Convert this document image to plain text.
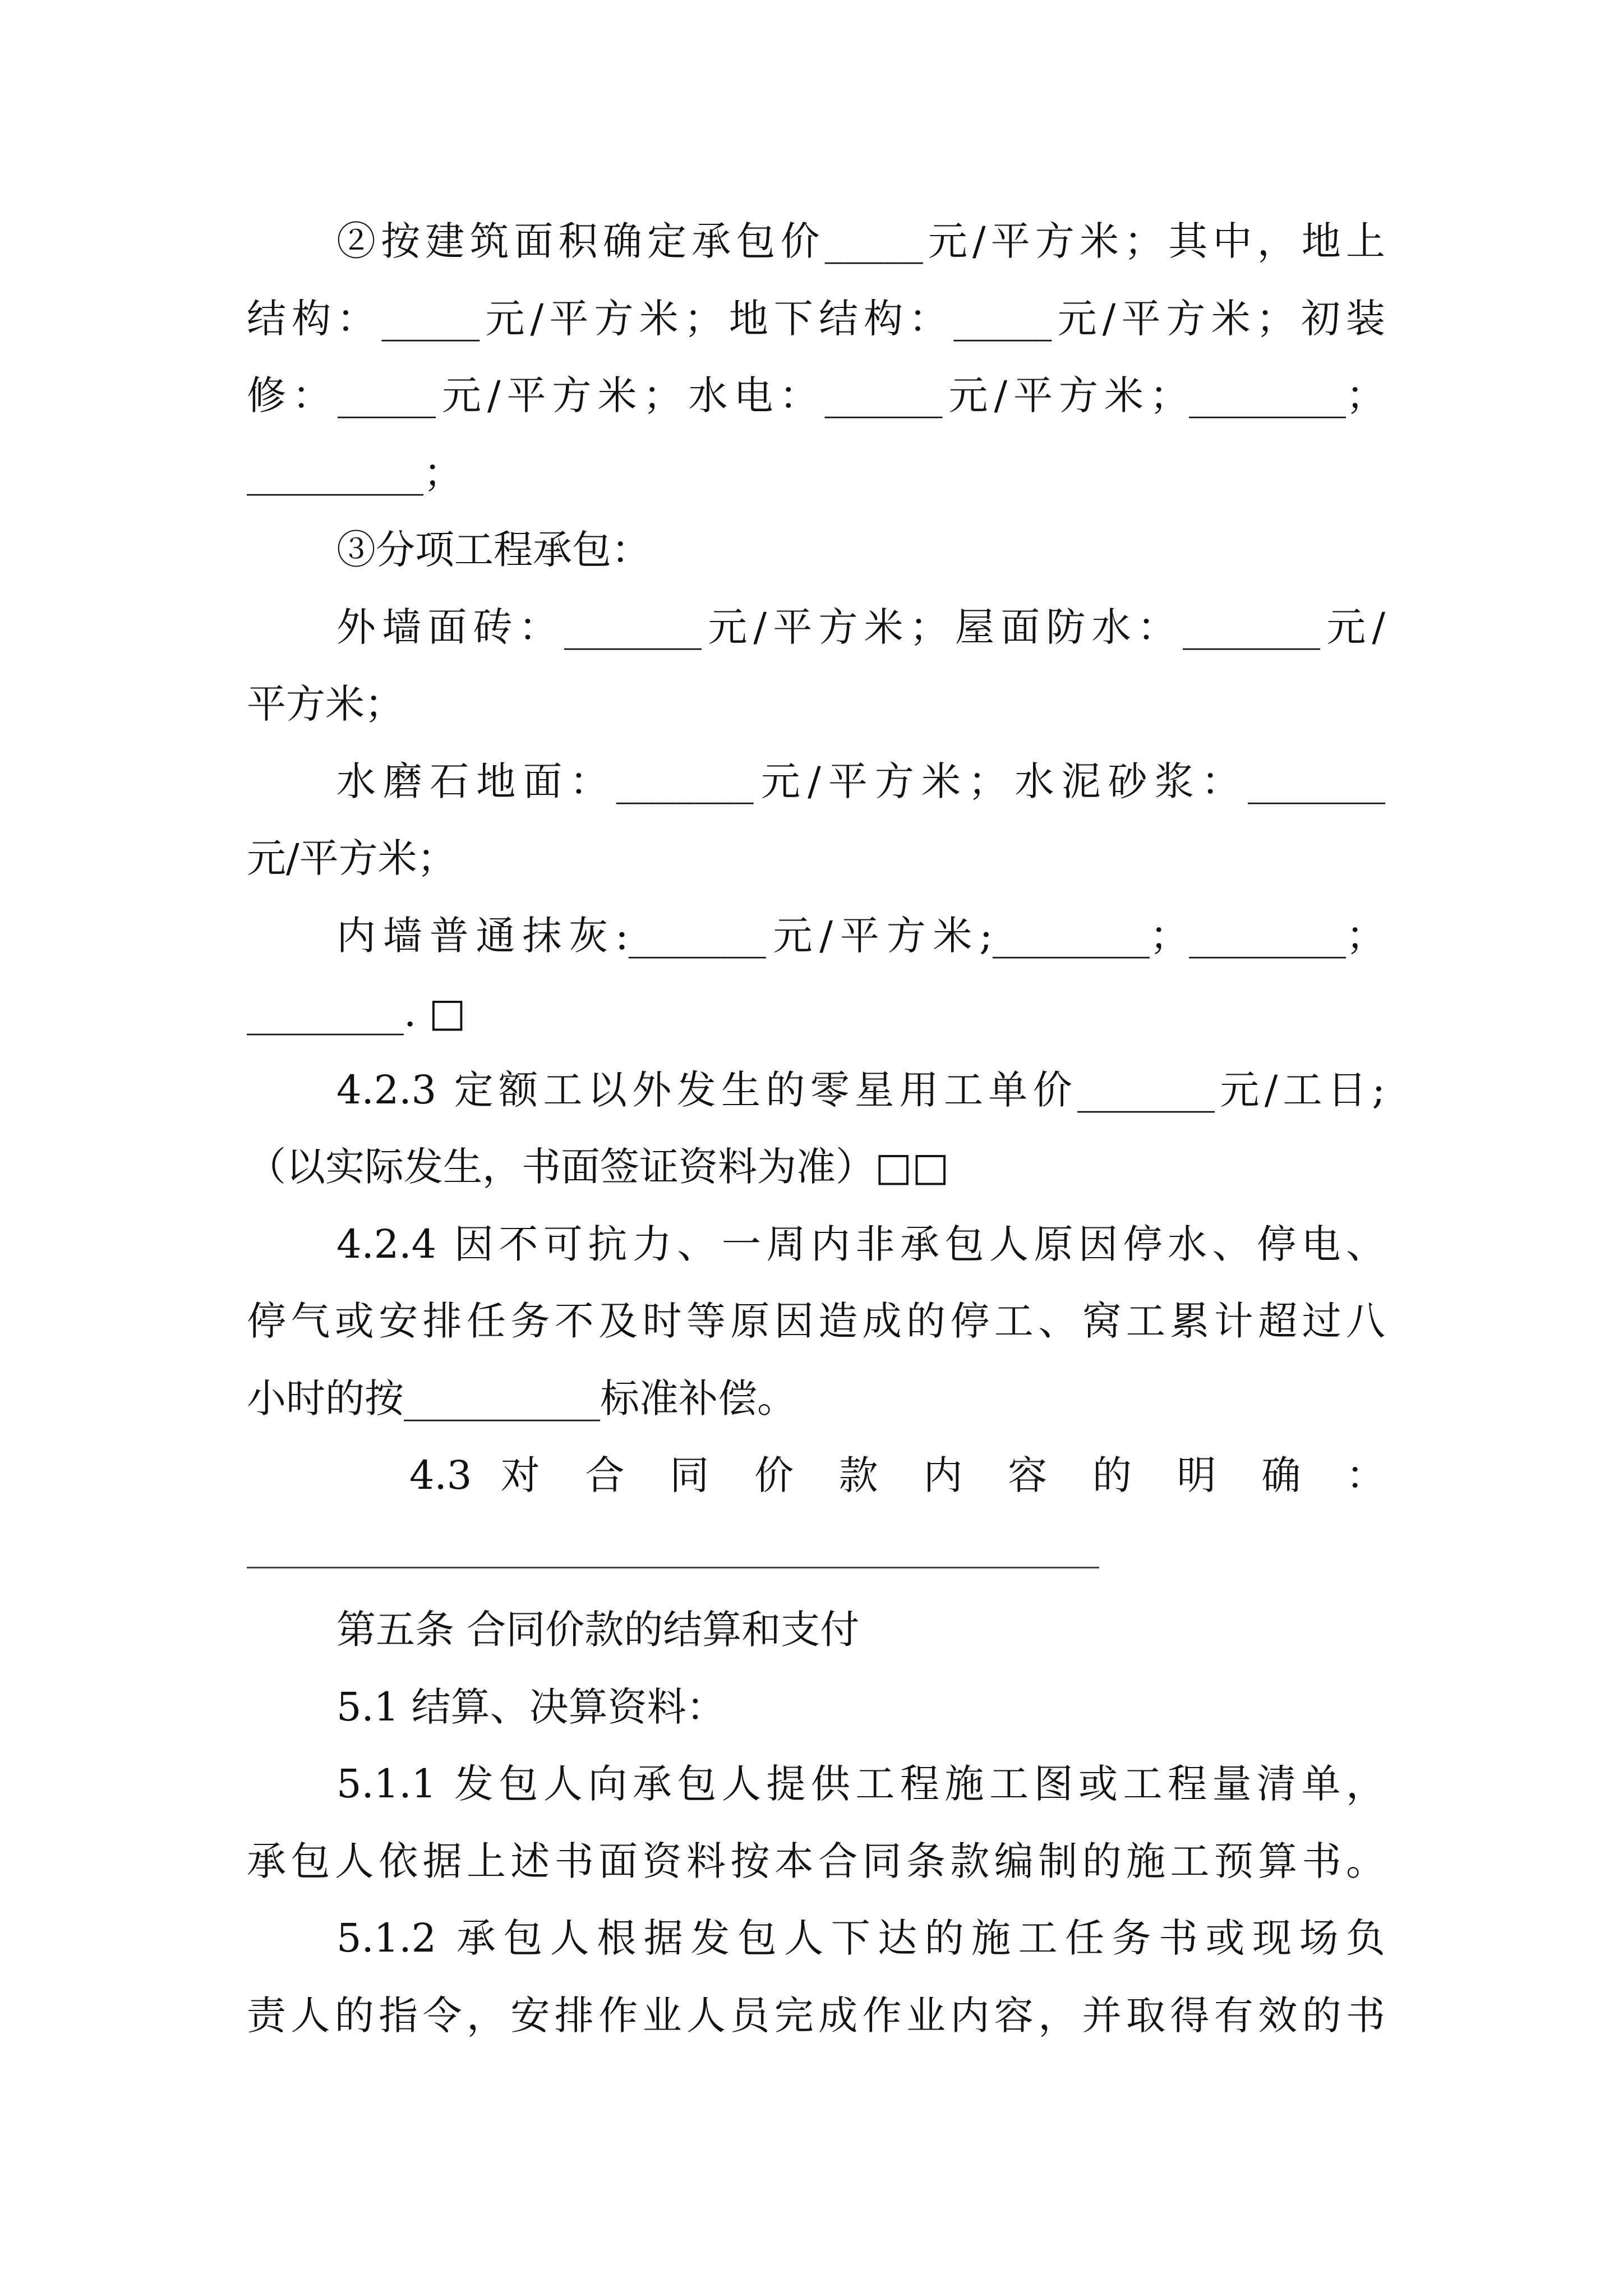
②按建筑面积确定承包价_____元/平方米；其中，地上
结构：_____元/平方米；地下结构：_____元/平方米；初装
修：_____元/平方米；水电：______元/平方米；________；
_________；
③分项工程承包：
外墙面砖：_______元/平方米；屋面防水：_______元/
平方米；
水磨石地面：_______元/平方米；水泥砂浆：_______
元/平方米；
内墙普通抹灰:_______元/平方米;________；________；
________. □
4.2.3 定额工以外发生的零星用工单价_______元/工日;
（以实际发生，书面签证资料为准）□□
4.2.4 因不可抗力、一周内非承包人原因停水、停电、
停气或安排任务不及时等原因造成的停工、窝工累计超过八
小时的按__________标准补偿。
4.3 对 合 同 价 款 内 容 的 明 确 ：
第五条 合同价款的结算和支付
5.1 结算、决算资料：
5.1.1 发包人向承包人提供工程施工图或工程量清单，
承包人依据上述书面资料按本合同条款编制的施工预算书。
5.1.2 承包人根据发包人下达的施工任务书或现场负
责人的指令，安排作业人员完成作业内容，并取得有效的书
